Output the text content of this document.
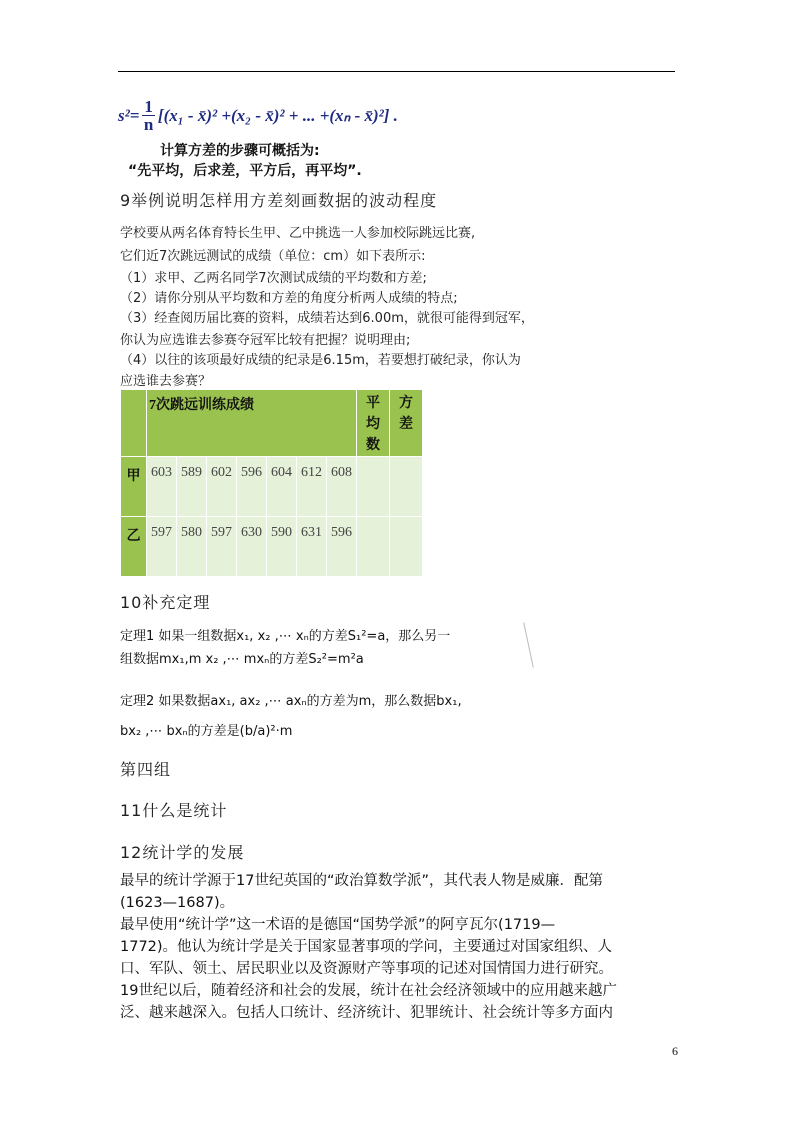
$s^2 = \frac{1}{n} [(x_1$ - x̄)² +(x₂ - x̄)² + ... +(xₙ - x̄)²] .
计算方差的步骤可概括为:
“先平均，后求差，平方后，再平均”.
9举例说明怎样用方差刻画数据的波动程度
学校要从两名体育特长生甲、乙中挑选一人参加校际跳远比赛,
它们近7次跳远测试的成绩（单位：cm）如下表所示:
（1）求甲、乙两名同学7次测试成绩的平均数和方差;
（2）请你分别从平均数和方差的角度分析两人成绩的特点;
（3）经查阅历届比赛的资料，成绩若达到6.00m，就很可能得到冠军，
你认为应选谁去参赛夺冠军比较有把握？说明理由;
（4）以往的该项最好成绩的纪录是6.15m，若要想打破纪录，你认为
应选谁去参赛？
	7次跳远训练成绩							平均数	方差
甲	603	589	602	596	604	612	608		
乙	597	580	597	630	590	631	596		
10补充定理
定理1 如果一组数据x₁, x₂ ,⋯ xₙ的方差S₁²=a，那么另一
组数据mx₁,m x₂ ,⋯ mxₙ的方差S₂²=m²a
定理2 如果数据ax₁, ax₂ ,⋯ axₙ的方差为m，那么数据bx₁,
bx₂ ,⋯ bxₙ的方差是(b/a)²·m
第四组
11什么是统计
12统计学的发展
最早的统计学源于17世纪英国的“政治算数学派”，其代表人物是威廉．配第
(1623—1687)。
最早使用“统计学”这一术语的是德国“国势学派”的阿亨瓦尔(1719—
1772)。他认为统计学是关于国家显著事项的学问，主要通过对国家组织、人
口、军队、领土、居民职业以及资源财产等事项的记述对国情国力进行研究。
19世纪以后，随着经济和社会的发展，统计在社会经济领域中的应用越来越广
泛、越来越深入。包括人口统计、经济统计、犯罪统计、社会统计等多方面内
6
